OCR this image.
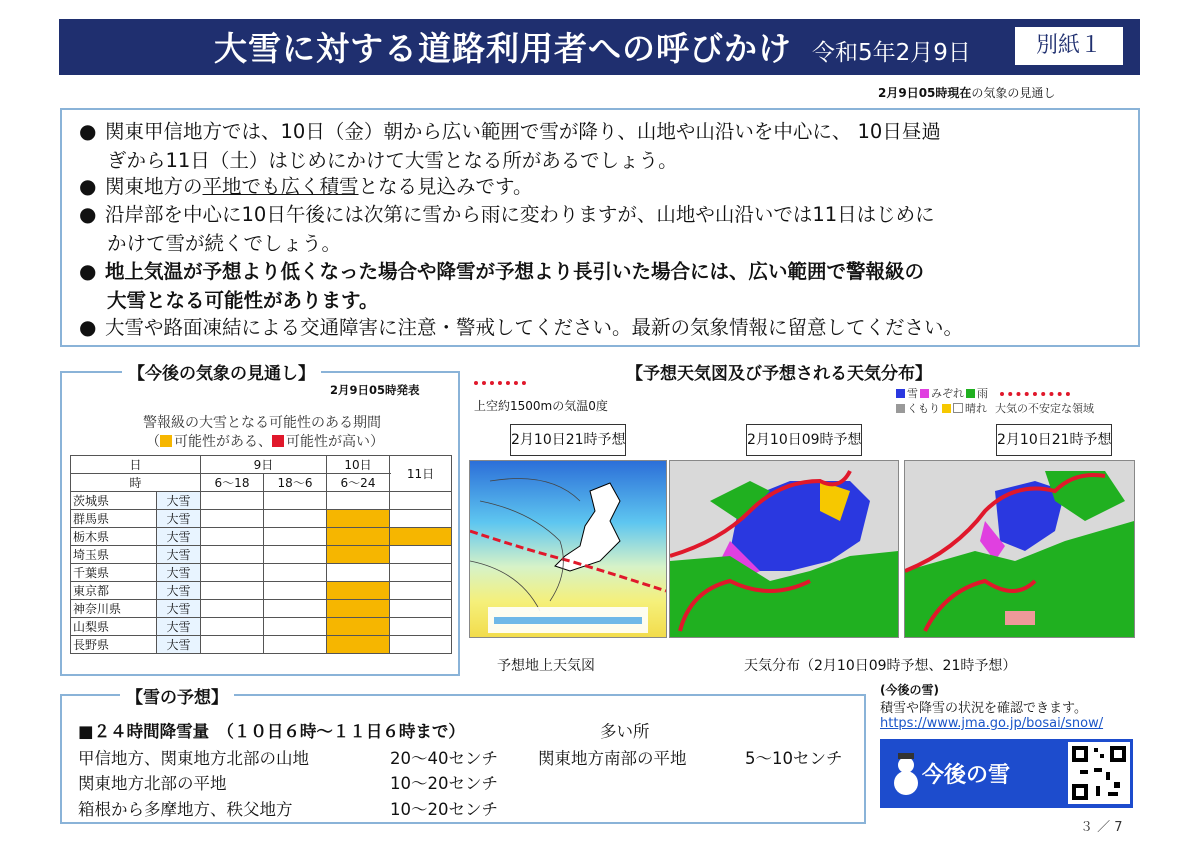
大雪に対する道路利用者への呼びかけ 令和5年2月9日	別紙１
2月9日05時現在の気象の見通し
● 関東甲信地方では、10日（金）朝から広い範囲で雪が降り、山地や山沿いを中心に、 10日昼過
ぎから11日（土）はじめにかけて大雪となる所があるでしょう。
● 関東地方の平地でも広く積雪となる見込みです。
● 沿岸部を中心に10日午後には次第に雪から雨に変わりますが、山地や山沿いでは11日はじめに
かけて雪が続くでしょう。
● 地上気温が予想より低くなった場合や降雪が予想より長引いた場合には、広い範囲で警報級の
大雪となる可能性があります。
● 大雪や路面凍結による交通障害に注意・警戒してください。最新の気象情報に留意してください。
【今後の気象の見通し】
2月9日05時発表
警報級の大雪となる可能性のある期間
（ 可能性がある、 可能性が高い）
日		9日		10日	11日
時		6～18	18～6	6～24	
茨城県	大雪				
群馬県	大雪				
栃木県	大雪				
埼玉県	大雪				
千葉県	大雪				
東京都	大雪				
神奈川県	大雪				
山梨県	大雪				
長野県	大雪				
【予想天気図及び予想される天気分布】
上空約1500mの気温0度
雪 みぞれ 雨
くもり 晴れ 大気の不安定な領域
2月10日21時予想	2月10日09時予想	2月10日21時予想
予想地上天気図	天気分布（2月10日09時予想、21時予想）
【雪の予想】
■２４時間降雪量　（１０日６時～１１日６時まで）	多い所
甲信地方、関東地方北部の山地	20～40センチ 関東地方南部の平地	5～10センチ
関東地方北部の平地	10～20センチ
箱根から多摩地方、秩父地方	10～20センチ
(今後の雪)
積雪や降雪の状況を確認できます。
https://www.jma.go.jp/bosai/snow/
今後の雪
３ ／ 7
